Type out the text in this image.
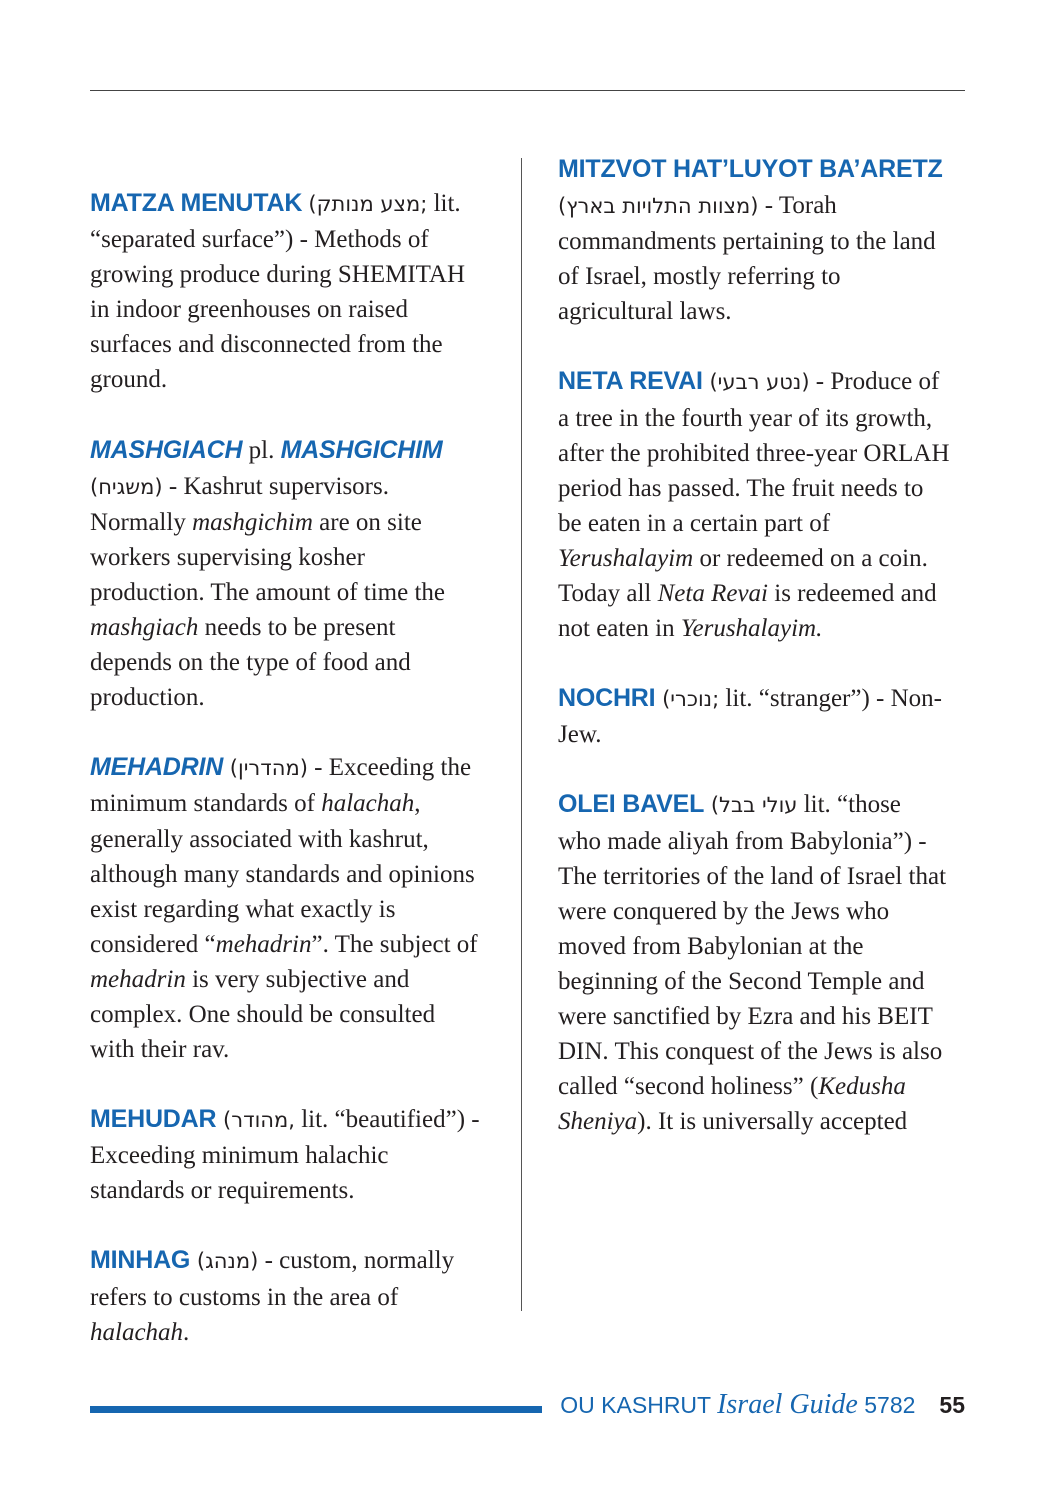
MATZA MENUTAK (מצע מנותק; lit. “separated surface”) - Methods of growing produce during SHEMITAH in indoor greenhouses on raised surfaces and disconnected from the ground.

MASHGIACH pl. MASHGICHIM (משגיח) - Kashrut supervisors. Normally mashgichim are on site workers supervising kosher production. The amount of time the mashgiach needs to be present depends on the type of food and production.

MEHADRIN (מהדרין) - Exceeding the minimum standards of halachah, generally associated with kashrut, although many standards and opinions exist regarding what exactly is considered “mehadrin”. The subject of mehadrin is very subjective and complex. One should be consulted with their rav.

MEHUDAR (מהודר, lit. “beautified”) - Exceeding minimum halachic standards or requirements.

MINHAG (מנהג) - custom, normally refers to customs in the area of halachah.

MITZVOT HAT’LUYOT BA’ARETZ (מצוות התלויות בארץ) - Torah commandments pertaining to the land of Israel, mostly referring to agricultural laws.

NETA REVAI (נטע רבעי) - Produce of a tree in the fourth year of its growth, after the prohibited three-year ORLAH period has passed. The fruit needs to be eaten in a certain part of Yerushalayim or redeemed on a coin. Today all Neta Revai is redeemed and not eaten in Yerushalayim.

NOCHRI (נוכרי; lit. “stranger”) - Non-Jew.

OLEI BAVEL (עולי בבל lit. “those who made aliyah from Babylonia”) - The territories of the land of Israel that were conquered by the Jews who moved from Babylonian at the beginning of the Second Temple and were sanctified by Ezra and his BEIT DIN. This conquest of the Jews is also called “second holiness” (Kedusha Sheniya). It is universally accepted

OU KASHRUT Israel Guide 5782 55
